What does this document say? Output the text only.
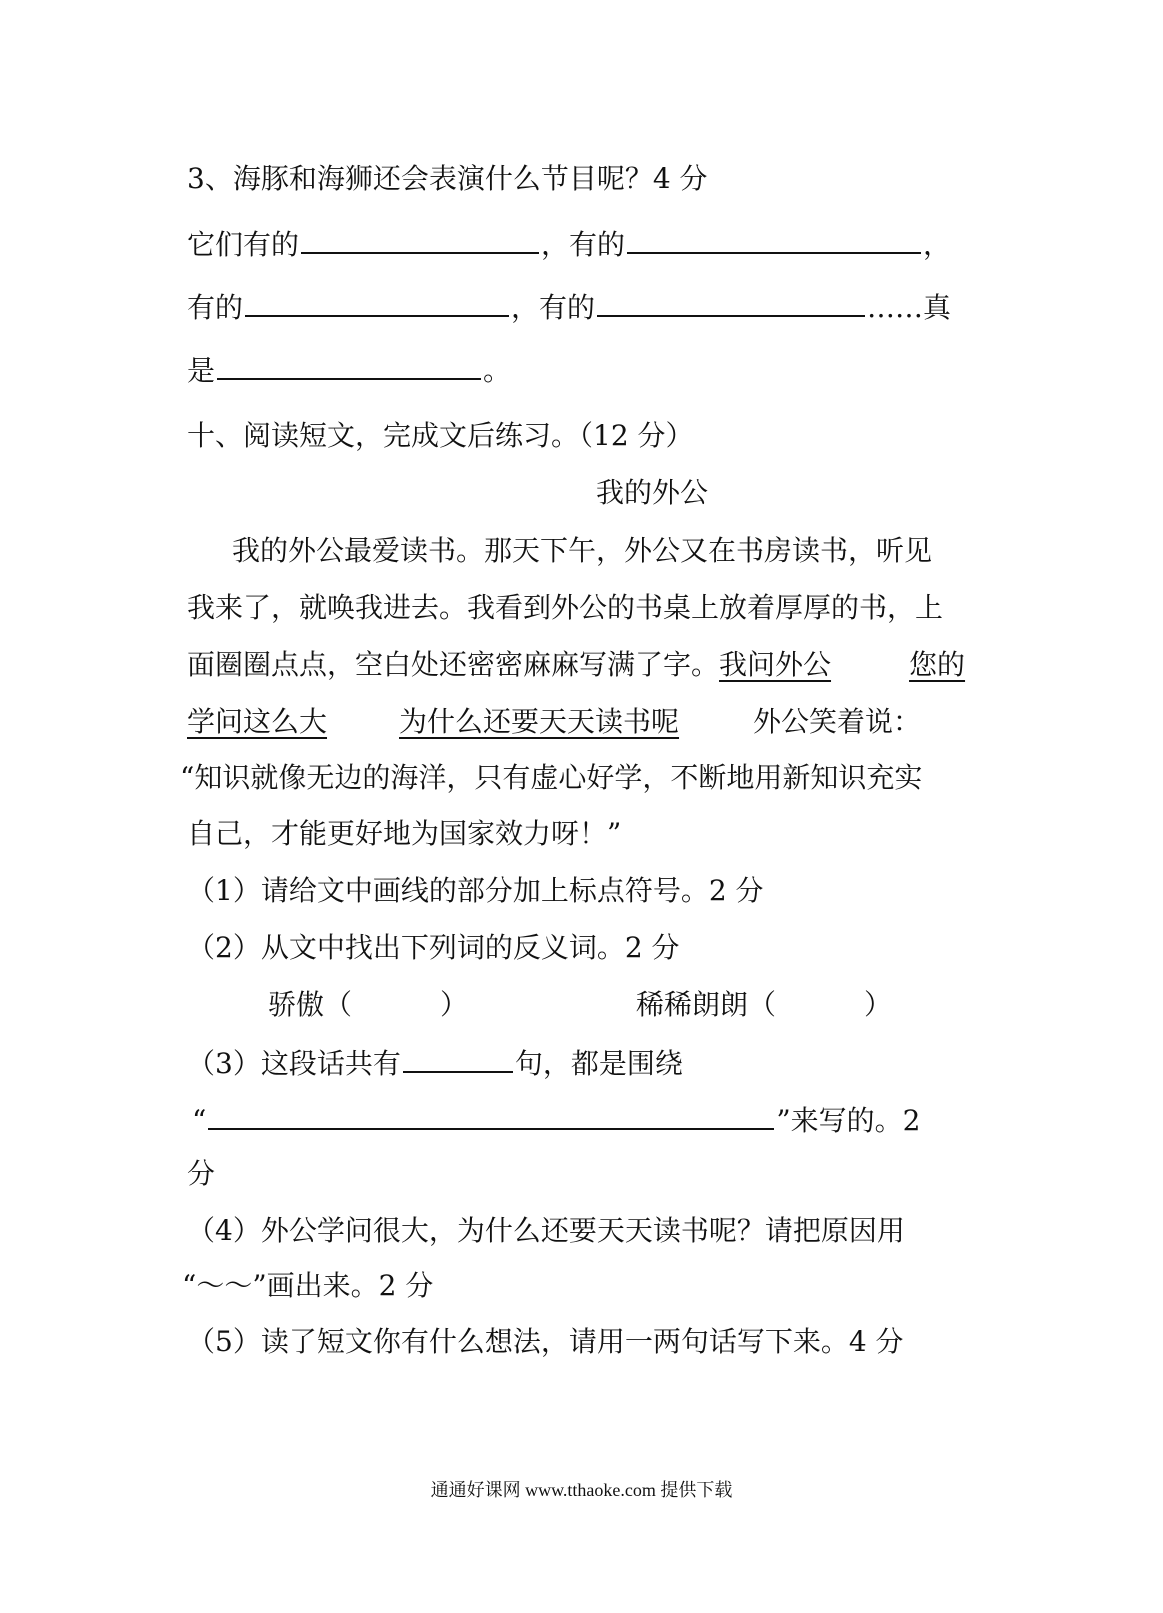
3、海豚和海狮还会表演什么节目呢？4 分
它们有的	，有的	，
有的	，有的	……真
是	。
十、阅读短文，完成文后练习。（12 分）
我的外公
我的外公最爱读书。那天下午，外公又在书房读书，听见
我来了，就唤我进去。我看到外公的书桌上放着厚厚的书，上
面圈圈点点，空白处还密密麻麻写满了字。我问外公	您的
学问这么大	为什么还要天天读书呢	外公笑着说：
“知识就像无边的海洋，只有虚心好学，不断地用新知识充实
自己，才能更好地为国家效力呀！”
（1）请给文中画线的部分加上标点符号。2 分
（2）从文中找出下列词的反义词。2 分
骄傲（	）	稀稀朗朗（	）
（3）这段话共有	句，都是围绕
“	”来写的。2
分
（4）外公学问很大，为什么还要天天读书呢？请把原因用
“～～”画出来。2 分
（5）读了短文你有什么想法，请用一两句话写下来。4 分
通通好课网 www.tthaoke.com 提供下载
